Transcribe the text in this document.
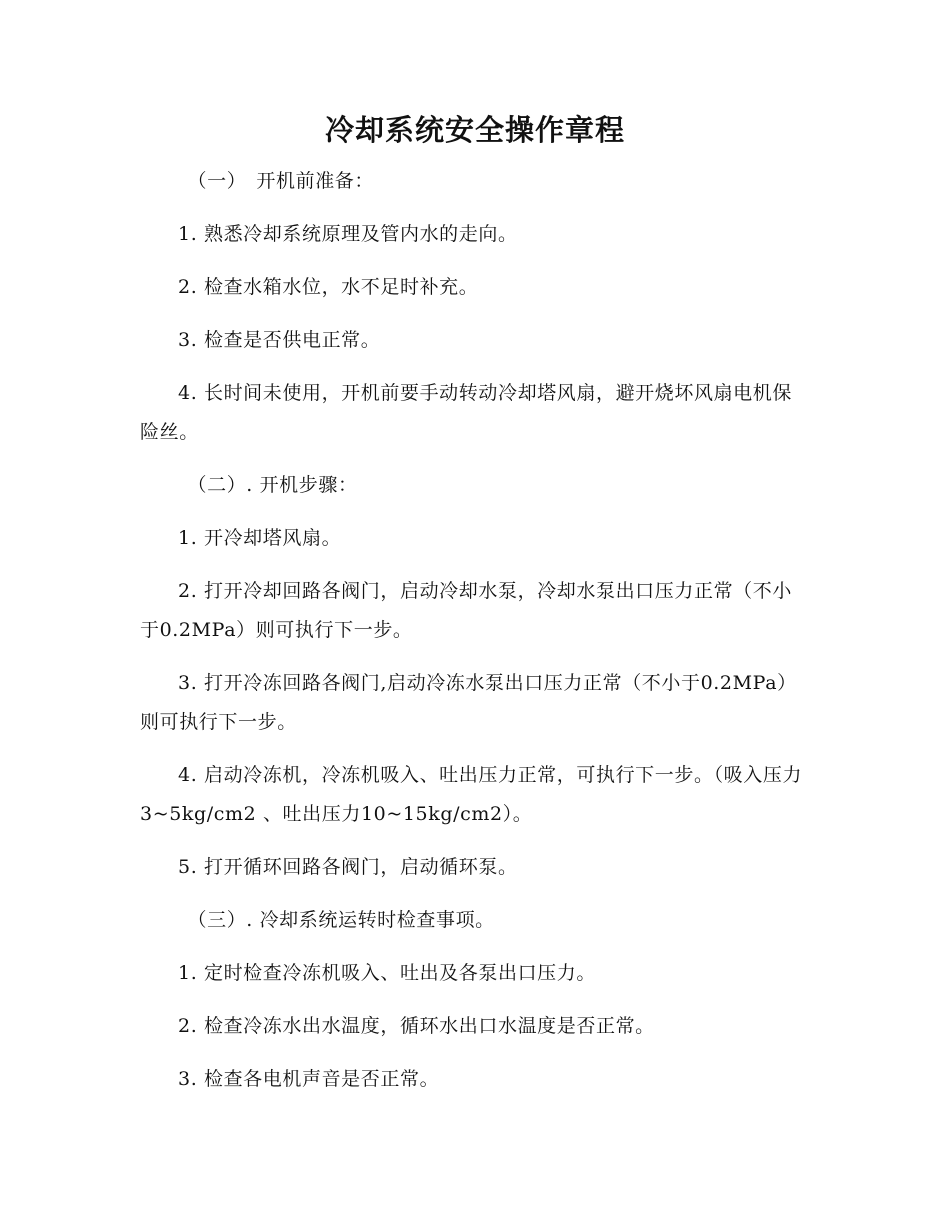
冷却系统安全操作章程

（一）　开机前准备：

1. 熟悉冷却系统原理及管内水的走向。

2. 检查水箱水位，水不足时补充。

3. 检查是否供电正常。

4. 长时间未使用，开机前要手动转动冷却塔风扇，避开烧坏风扇电机保险丝。

（二）. 开机步骤：

1. 开冷却塔风扇。

2. 打开冷却回路各阀门，启动冷却水泵，冷却水泵出口压力正常（不小于0.2MPa）则可执行下一步。

3. 打开冷冻回路各阀门,启动冷冻水泵出口压力正常（不小于0.2MPa）则可执行下一步。

4. 启动冷冻机，冷冻机吸入、吐出压力正常，可执行下一步。（吸入压力3~5kg/cm2 、吐出压力10~15kg/cm2）。

5. 打开循环回路各阀门，启动循环泵。

（三）. 冷却系统运转时检查事项。

1. 定时检查冷冻机吸入、吐出及各泵出口压力。

2. 检查冷冻水出水温度，循环水出口水温度是否正常。

3. 检查各电机声音是否正常。
